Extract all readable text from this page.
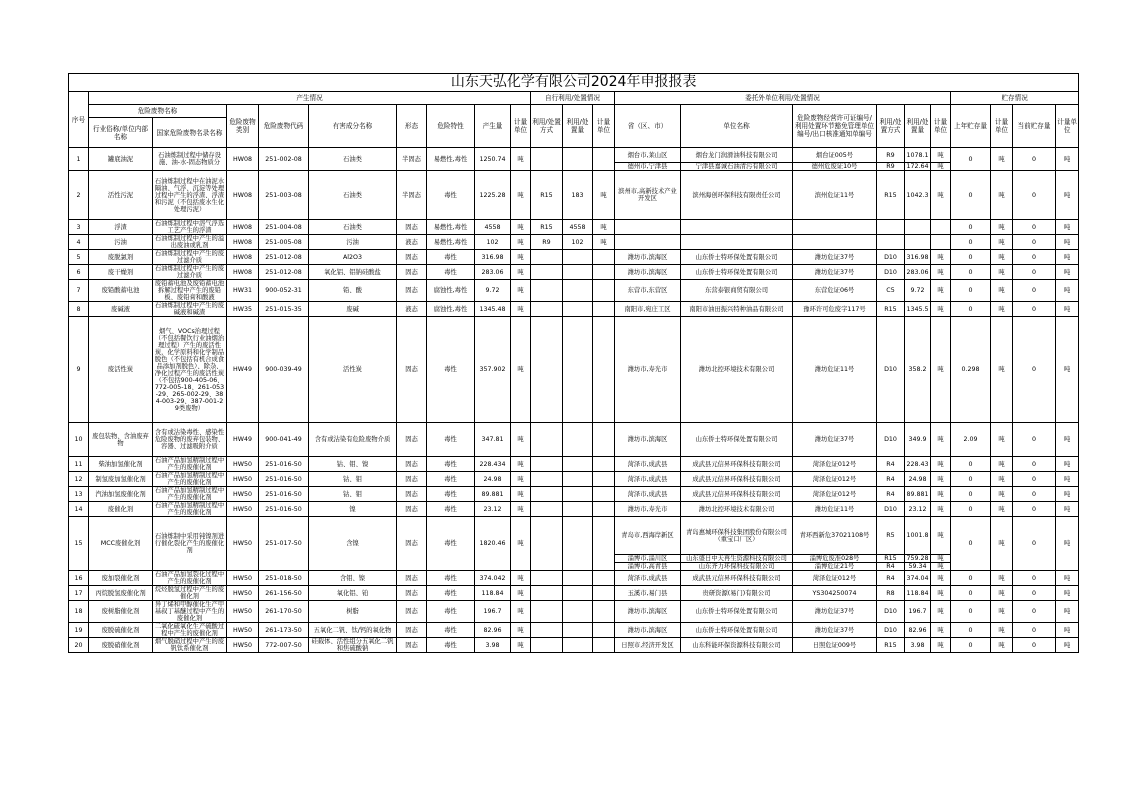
山东天弘化学有限公司2024年申报报表																						
序号	产生情况									自行利用/处置情况			委托外单位利用/处置情况						贮存情况			
	危险废物名称		危险废物类别	危险废物代码	有害成分名称	形态	危险特性	产生量	计量单位	利用/处置方式	利用/处置量	计量单位	省（区、市）	单位名称	危险废物经营许可证编号/利用处置环节豁免管理单位编号/出口核准通知单编号	利用/处置方式	利用/处置量	计量单位	上年贮存量	计量单位	当前贮存量	计量单位
	行业俗称/单位内部名称	国家危险废物名录名称																				
1	罐底油泥	石油炼制过程中储存设施、油-水-固态物质分	HW08	251-002-08	石油类	半固态	易燃性,毒性	1250.74	吨				烟台市,莱山区	烟台龙门润滑油科技有限公司	烟台证005号	R9	1078.1	吨	0	吨	0	吨
													德州市,宁津县	宁津县嘉诚石油清污有限公司	德州危废证10号	R9	172.64	吨				
2	活性污泥	石油炼制过程中在油泥水隔油、气浮、沉淀等处理过程中产生的浮渣、浮渣和污泥（不包括废水生化处理污泥）	HW08	251-003-08	石油类	半固态	毒性	1225.28	吨	R15	183	吨	滨州市,高新技术产业开发区	滨州海创环保科技有限责任公司	滨州危证11号	R15	1042.3	吨	0	吨	0	吨
3	浮渣	石油炼制过程中溶气浮选工艺产生的浮渣	HW08	251-004-08	石油类	固态	易燃性,毒性	4558	吨	R15	4558	吨							0	吨	0	吨
4	污油	石油炼制过程中产生的溢出废油或乳剂	HW08	251-005-08	污油	液态	易燃性,毒性	102	吨	R9	102	吨							0	吨	0	吨
5	废脱氯剂	石油炼制过程中产生的废过滤介质	HW08	251-012-08	Al2O3	固态	毒性	316.98	吨				潍坊市,滨海区	山东侨士特环保处置有限公司	潍坊危证37号	D10	316.98	吨	0	吨	0	吨
6	废干燥剂	石油炼制过程中产生的废过滤介质	HW08	251-012-08	氧化铝、铝钠硅酸盐	固态	毒性	283.06	吨				潍坊市,滨海区	山东侨士特环保处置有限公司	潍坊危证37号	D10	283.06	吨	0	吨	0	吨
7	废铅酸蓄电池	废铅蓄电池及废铅蓄电池拆解过程中产生的废铅板、废铅膏和酸液	HW31	900-052-31	铅、酸	固态	腐蚀性,毒性	9.72	吨				东营市,东营区	东营泰银商贸有限公司	东营危证06号	C5	9.72	吨	0	吨	0	吨
8	废碱液	石油炼制过程中产生的废碱液和碱渣	HW35	251-015-35	废碱	液态	腐蚀性,毒性	1345.48	吨				南阳市,宛庄工区	南阳市油田振兴特种油品有限公司	豫环许可危废字117号	R15	1345.5	吨	0	吨	0	吨
9	废活性炭	烟气、VOCs治理过程（不包括餐饮行业油烟治理过程）产生的废活性炭，化学原料和化学制品脱色（不包括有机合成食品添加剂脱色）、除杂、净化过程产生的废活性炭（不包括900-405-06、772-005-18、261-053-29、265-002-29、384-003-29、387-001-29类废物）	HW49	900-039-49	活性炭	固态	毒性	357.902	吨				潍坊市,寿光市	潍坊北控环境技术有限公司	潍坊危证11号	D10	358.2	吨	0.298	吨	0	吨
10	废包装物、含油废弃物	含有或沾染毒性、感染性危险废物的废弃包装物、容器、过滤吸附介质	HW49	900-041-49	含有或沾染有危险废物介质	固态	毒性	347.81	吨				潍坊市,滨海区	山东侨士特环保处置有限公司	潍坊危证37号	D10	349.9	吨	2.09	吨	0	吨
11	柴油加氢催化剂	石油产品加氢精制过程中产生的废催化剂	HW50	251-016-50	钴、钼、镍	固态	毒性	228.434	吨				菏泽市,成武县	成武县元信昇环保科技有限公司	菏泽危证012号	R4	228.43	吨	0	吨	0	吨
12	制氢废加氢催化剂	石油产品加氢精制过程中产生的废催化剂	HW50	251-016-50	钴、钼	固态	毒性	24.98	吨				菏泽市,成武县	成武县元信昇环保科技有限公司	菏泽危证012号	R4	24.98	吨	0	吨	0	吨
13	汽油加氢废催化剂	石油产品加氢精制过程中产生的废催化剂	HW50	251-016-50	钴、钼	固态	毒性	89.881	吨				菏泽市,成武县	成武县元信昇环保科技有限公司	菏泽危证012号	R4	89.881	吨	0	吨	0	吨
14	废催化剂	石油产品加氢精制过程中产生的废催化剂	HW50	251-016-50	镍	固态	毒性	23.12	吨				潍坊市,寿光市	潍坊北控环境技术有限公司	潍坊危证11号	D10	23.12	吨	0	吨	0	吨
15	MCC废催化剂	石油炼制中采用钝镍剂进行催化裂化产生的废催化剂	HW50	251-017-50	含镍	固态	毒性	1820.46	吨				青岛市,西海岸新区	青岛惠城环保科技集团股份有限公司（重宝口厂区）	青环西新危37021108号	R5	1001.8	吨	0	吨	0	吨
													淄博市,淄川区	山东盛日中天再生资源科技有限公司	淄博危废准028号	R15	759.28	吨				
													淄博市,高青县	山东齐力环保科技有限公司	淄博危证21号	R4	59.34	吨				
16	废加裂催化剂	石油产品加氢裂化过程中产生的废催化剂	HW50	251-018-50	含钼、镍	固态	毒性	374.042	吨				菏泽市,成武县	成武县元信昇环保科技有限公司	菏泽危证012号	R4	374.04	吨	0	吨	0	吨
17	丙烷脱氢废催化剂	烷烃脱氢过程中产生的废催化剂	HW50	261-156-50	氧化铝、铂	固态	毒性	118.84	吨				玉溪市,易门县	贵研资源(易门)有限公司	YS304250074	R8	118.84	吨	0	吨	0	吨
18	废树脂催化剂	异丁烯和甲醇催化生产甲基叔丁基醚过程中产生的废催化剂	HW50	261-170-50	树脂	固态	毒性	196.7	吨				潍坊市,滨海区	山东侨士特环保处置有限公司	潍坊危证37号	D10	196.7	吨	0	吨	0	吨
19	废脱硫催化剂	二氧化硫氧化生产硫酸过程中产生的废催化剂	HW50	261-173-50	五氧化二钒、钛/钙的氧化物	固态	毒性	82.96	吨				潍坊市,滨海区	山东侨士特环保处置有限公司	潍坊危证37号	D10	82.96	吨	0	吨	0	吨
20	废脱硝催化剂	烟气脱硝过程中产生的废钒钛系催化剂	HW50	772-007-50	硅载体、活性组分五氧化二钒和焦硫酸钠	固态	毒性	3.98	吨				日照市,经济开发区	山东科能环保资源科技有限公司	日照危证009号	R15	3.98	吨	0	吨	0	吨
